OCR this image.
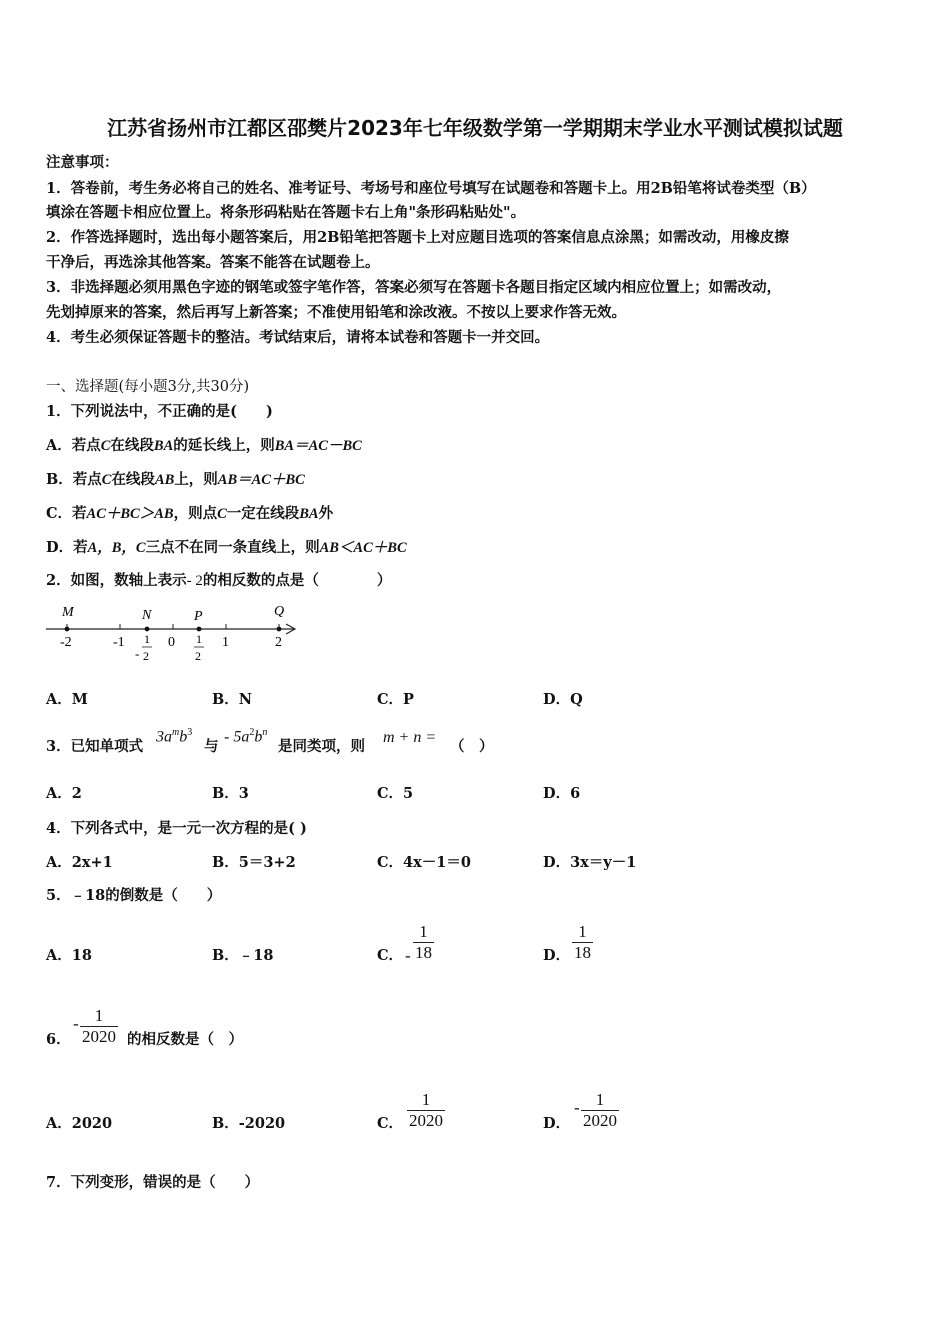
江苏省扬州市江都区邵樊片2023年七年级数学第一学期期末学业水平测试模拟试题
注意事项：
1．答卷前，考生务必将自己的姓名、准考证号、考场号和座位号填写在试题卷和答题卡上。用2B铅笔将试卷类型（B）
填涂在答题卡相应位置上。将条形码粘贴在答题卡右上角"条形码粘贴处"。
2．作答选择题时，选出每小题答案后，用2B铅笔把答题卡上对应题目选项的答案信息点涂黑；如需改动，用橡皮擦
干净后，再选涂其他答案。答案不能答在试题卷上。
3．非选择题必须用黑色字迹的钢笔或签字笔作答，答案必须写在答题卡各题目指定区域内相应位置上；如需改动，
先划掉原来的答案，然后再写上新答案；不准使用铅笔和涂改液。不按以上要求作答无效。
4．考生必须保证答题卡的整洁。考试结束后，请将本试卷和答题卡一并交回。
一、选择题(每小题3分,共30分)
1．下列说法中，不正确的是(　　)
A．若点C在线段BA的延长线上，则BA＝AC－BC
B．若点C在线段AB上，则AB＝AC＋BC
C．若AC＋BC＞AB，则点C一定在线段BA外
D．若A，B，C三点不在同一条直线上，则AB＜AC＋BC
2．如图，数轴上表示- 2的相反数的点是（　　　　）
M	N	P	Q
-2	-1	0	1	2
-
1
2
1
2
A．M	B．N	C．P	D．Q
3．已知单项式
$3a^mb^3$
与
- $5a^2b^n$
是同类项，则
m + n =
（　）
A．2	B．3	C．5	D．6
4．下列各式中，是一元一次方程的是( )
A．2x+1	B．5＝3+2	C．4x－1＝0	D．3x＝y－1
5．﹣18的倒数是（　　）
A．18	B．﹣18	C． - $\frac{1}{18}$	D． $\frac{1}{18}$
6．
- $\frac{1}{2020}$ 的相反数是（　）
A．2020	B．-2020	C． $\frac{1}{2020}$	D．
- $\frac{1}{2020}$
7．下列变形，错误的是（　　）
